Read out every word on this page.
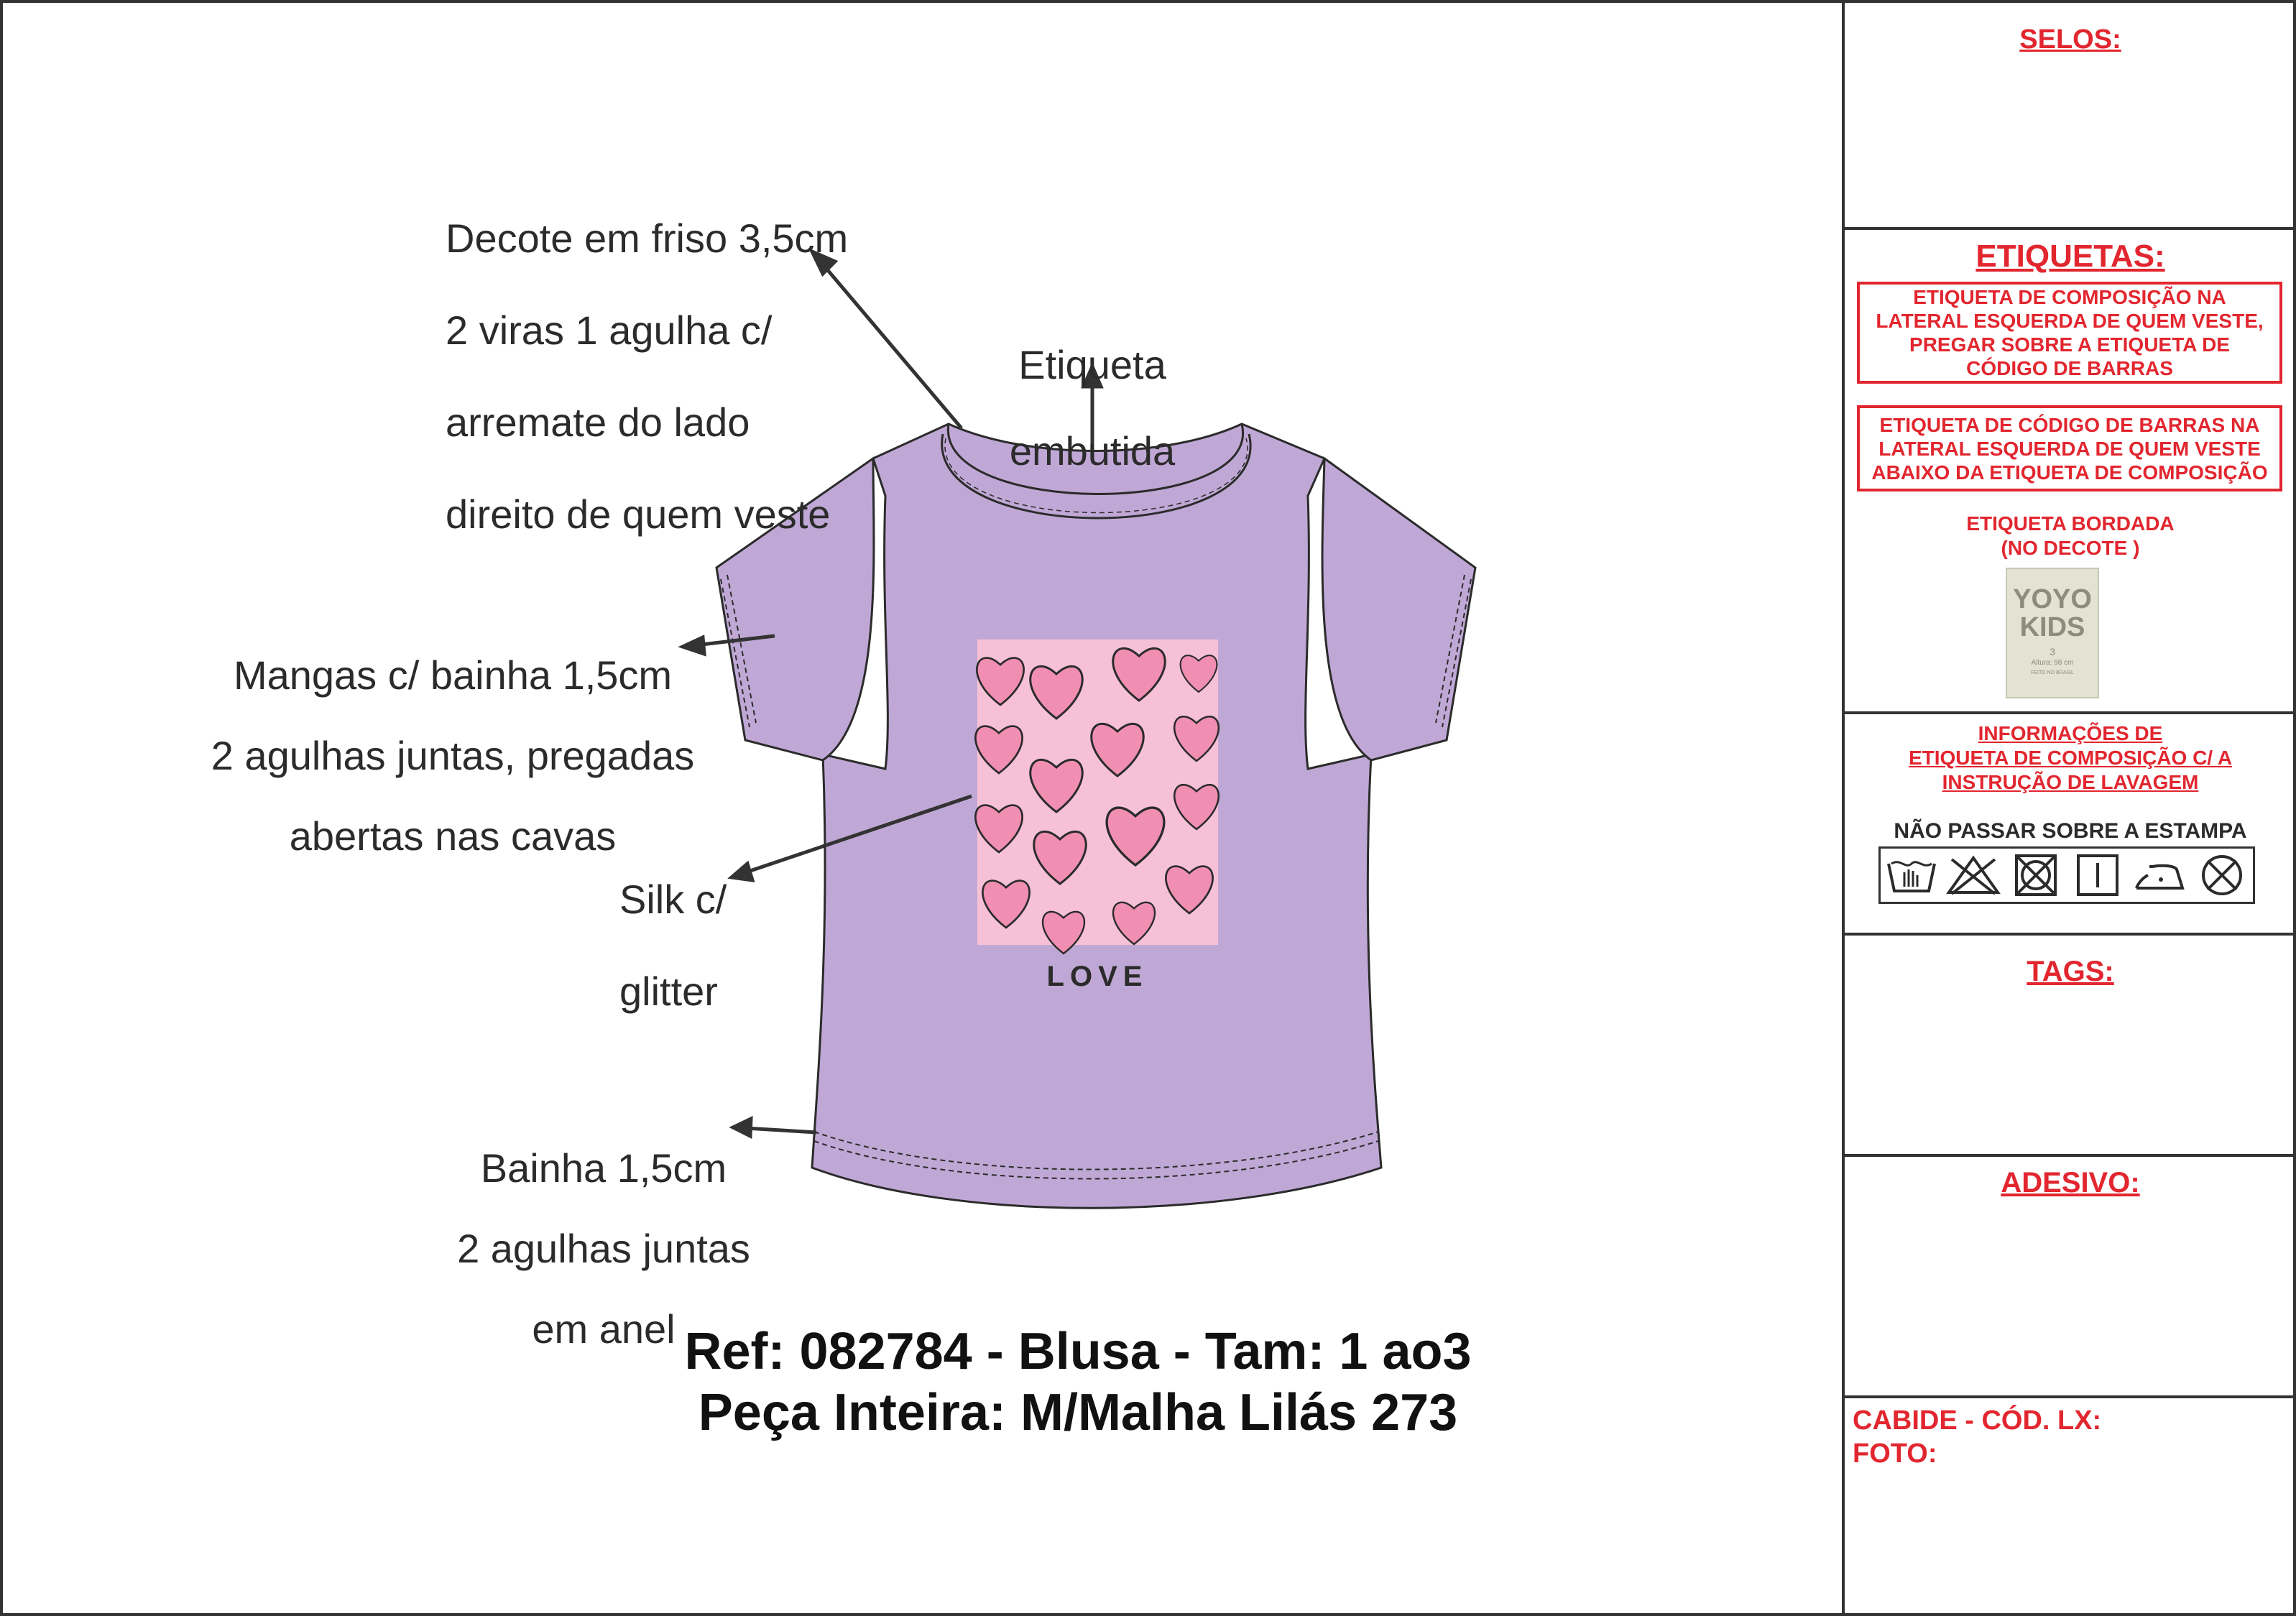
LOVE

Decote em friso 3,5cm

2 viras 1 agulha c/

arremate do lado

direito de quem veste

Etiqueta

embutida

Mangas c/ bainha 1,5cm

2 agulhas juntas, pregadas

abertas nas cavas

Silk c/

glitter

Bainha 1,5cm

2 agulhas juntas

em anel Ref: 082784 - Blusa - Tam: 1 ao3
Peça Inteira: M/Malha Lilás 273
SELOS:
ETIQUETAS:
ETIQUETA DE COMPOSIÇÃO NA LATERAL ESQUERDA DE QUEM VESTE, PREGAR SOBRE A ETIQUETA DE CÓDIGO DE BARRAS
ETIQUETA DE CÓDIGO DE BARRAS NA LATERAL ESQUERDA DE QUEM VESTE ABAIXO DA ETIQUETA DE COMPOSIÇÃO
ETIQUETA BORDADA
(NO DECOTE )
YOYO
KIDS
3
Altura: 98 cm
FEITO NO BRASIL
INFORMAÇÕES DE
ETIQUETA DE COMPOSIÇÃO C/ A
INSTRUÇÃO DE LAVAGEM
NÃO PASSAR SOBRE A ESTAMPA
TAGS:
ADESIVO:
CABIDE - CÓD. LX:
FOTO:
